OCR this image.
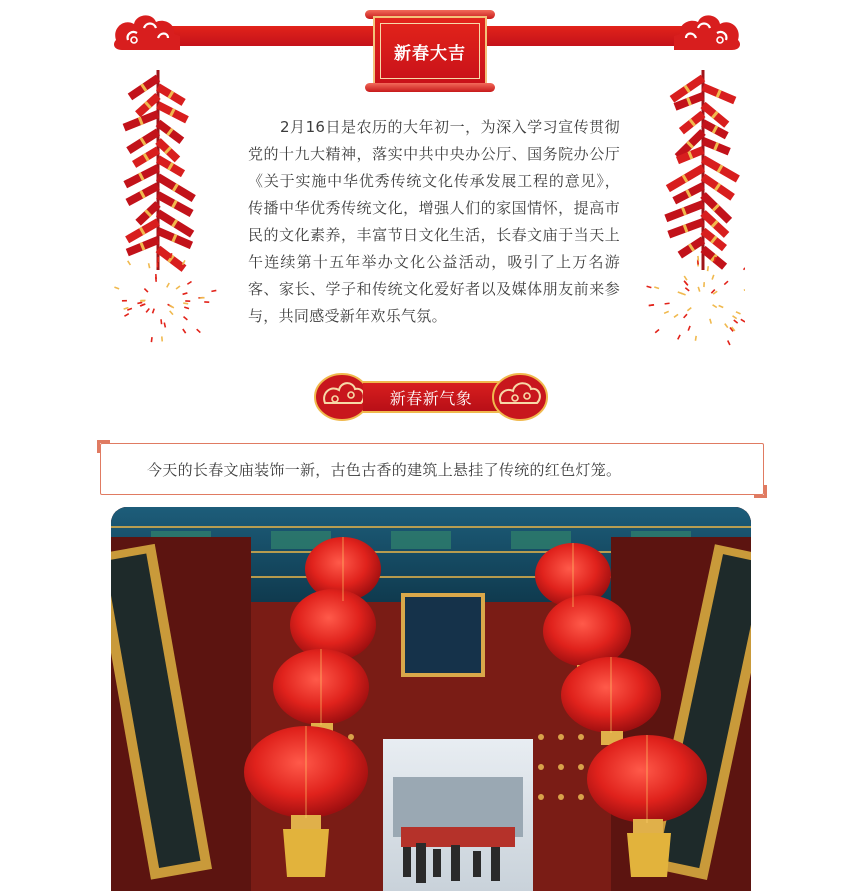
新春大吉

2月16日是农历的大年初一，为深入学习宣传贯彻党的十九大精神，落实中共中央办公厅、国务院办公厅《关于实施中华优秀传统文化传承发展工程的意见》，传播中华优秀传统文化，增强人们的家国情怀，提高市民的文化素养，丰富节日文化生活，长春文庙于当天上午连续第十五年举办文化公益活动，吸引了上万名游客、家长、学子和传统文化爱好者以及媒体朋友前来参与，共同感受新年欢乐气氛。

新春新气象
今天的长春文庙装饰一新，古色古香的建筑上悬挂了传统的红色灯笼。
